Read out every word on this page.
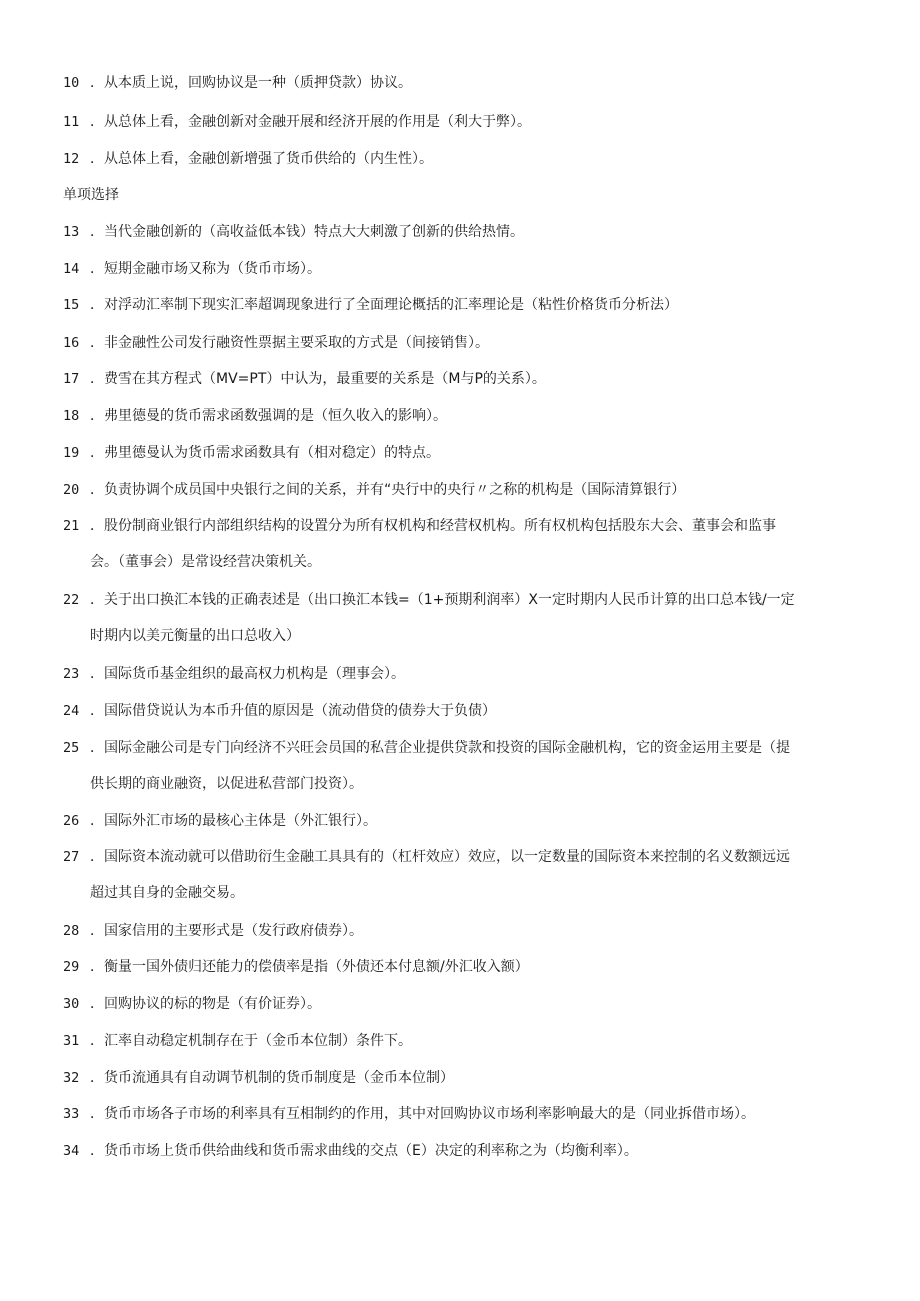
10 ．从本质上说，回购协议是一种（质押贷款）协议。
11 ．从总体上看，金融创新对金融开展和经济开展的作用是（利大于弊）。
12 ．从总体上看，金融创新增强了货币供给的（内生性）。
单项选择
13 ．当代金融创新的（高收益低本钱）特点大大刺激了创新的供给热情。
14 ．短期金融市场又称为（货币市场）。
15 ．对浮动汇率制下现实汇率超调现象进行了全面理论概括的汇率理论是（粘性价格货币分析法）
16 ．非金融性公司发行融资性票据主要采取的方式是（间接销售）。
17 ．费雪在其方程式（MV=PT）中认为，最重要的关系是（M与P的关系）。
18 ．弗里德曼的货币需求函数强调的是（恒久收入的影响）。
19 ．弗里德曼认为货币需求函数具有（相对稳定）的特点。
20 ．负责协调个成员国中央银行之间的关系，并有“央行中的央行〃之称的机构是（国际清算银行）
21 ．股份制商业银行内部组织结构的设置分为所有权机构和经营权机构。所有权机构包括股东大会、董事会和监事
会。（董事会）是常设经营决策机关。
22 ．关于出口换汇本钱的正确表述是（出口换汇本钱=（1+预期利润率）X一定时期内人民币计算的出口总本钱/一定
时期内以美元衡量的出口总收入）
23 ．国际货币基金组织的最高权力机构是（理事会）。
24 ．国际借贷说认为本币升值的原因是（流动借贷的债券大于负债）
25 ．国际金融公司是专门向经济不兴旺会员国的私营企业提供贷款和投资的国际金融机构，它的资金运用主要是（提
供长期的商业融资，以促进私营部门投资）。
26 ．国际外汇市场的最核心主体是（外汇银行）。
27 ．国际资本流动就可以借助衍生金融工具具有的（杠杆效应）效应，以一定数量的国际资本来控制的名义数额远远
超过其自身的金融交易。
28 ．国家信用的主要形式是（发行政府债券）。
29 ．衡量一国外债归还能力的偿债率是指（外债还本付息额/外汇收入额）
30 ．回购协议的标的物是（有价证券）。
31 ．汇率自动稳定机制存在于（金币本位制）条件下。
32 ．货币流通具有自动调节机制的货币制度是（金币本位制）
33 ．货币市场各子市场的利率具有互相制约的作用，其中对回购协议市场利率影响最大的是（同业拆借市场）。
34 ．货币市场上货币供给曲线和货币需求曲线的交点（E）决定的利率称之为（均衡利率）。
